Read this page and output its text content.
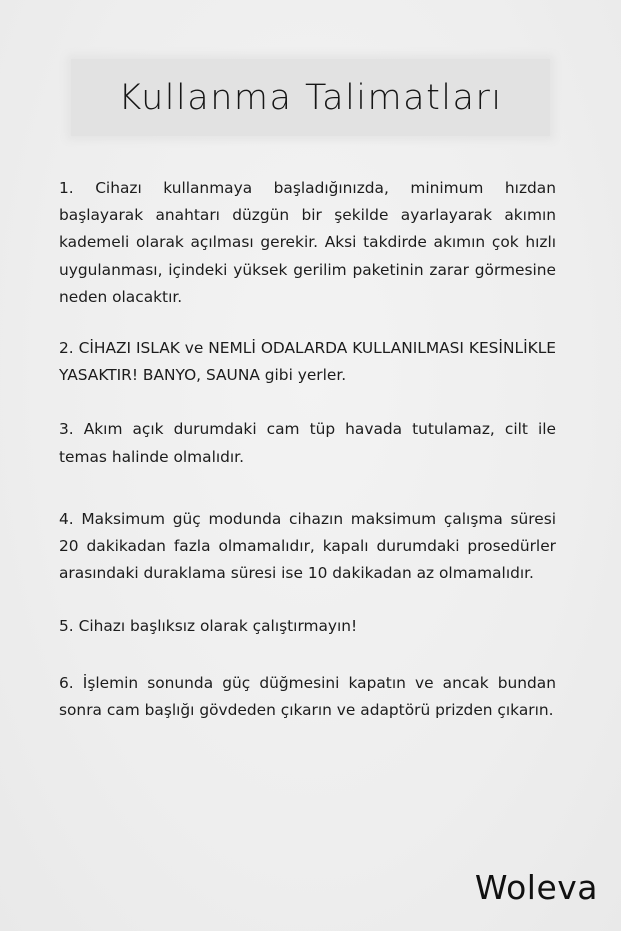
Kullanma Talimatları

1. Cihazı kullanmaya başladığınızda, minimum hızdan başlayarak anahtarı düzgün bir şekilde ayarlayarak akımın kademeli olarak açılması gerekir. Aksi takdirde akımın çok hızlı uygulanması, içindeki yüksek gerilim paketinin zarar görmesine neden olacaktır.

2. CİHAZI ISLAK ve NEMLİ ODALARDA KULLANILMASI KESİNLİKLE YASAKTIR! BANYO, SAUNA gibi yerler.

3. Akım açık durumdaki cam tüp havada tutulamaz, cilt ile temas halinde olmalıdır.

4. Maksimum güç modunda cihazın maksimum çalışma süresi 20 dakikadan fazla olmamalıdır, kapalı durumdaki prosedürler arasındaki duraklama süresi ise 10 dakikadan az olmamalıdır.

5. Cihazı başlıksız olarak çalıştırmayın!

6. İşlemin sonunda güç düğmesini kapatın ve ancak bundan sonra cam başlığı gövdeden çıkarın ve adaptörü prizden çıkarın.

Woleva
